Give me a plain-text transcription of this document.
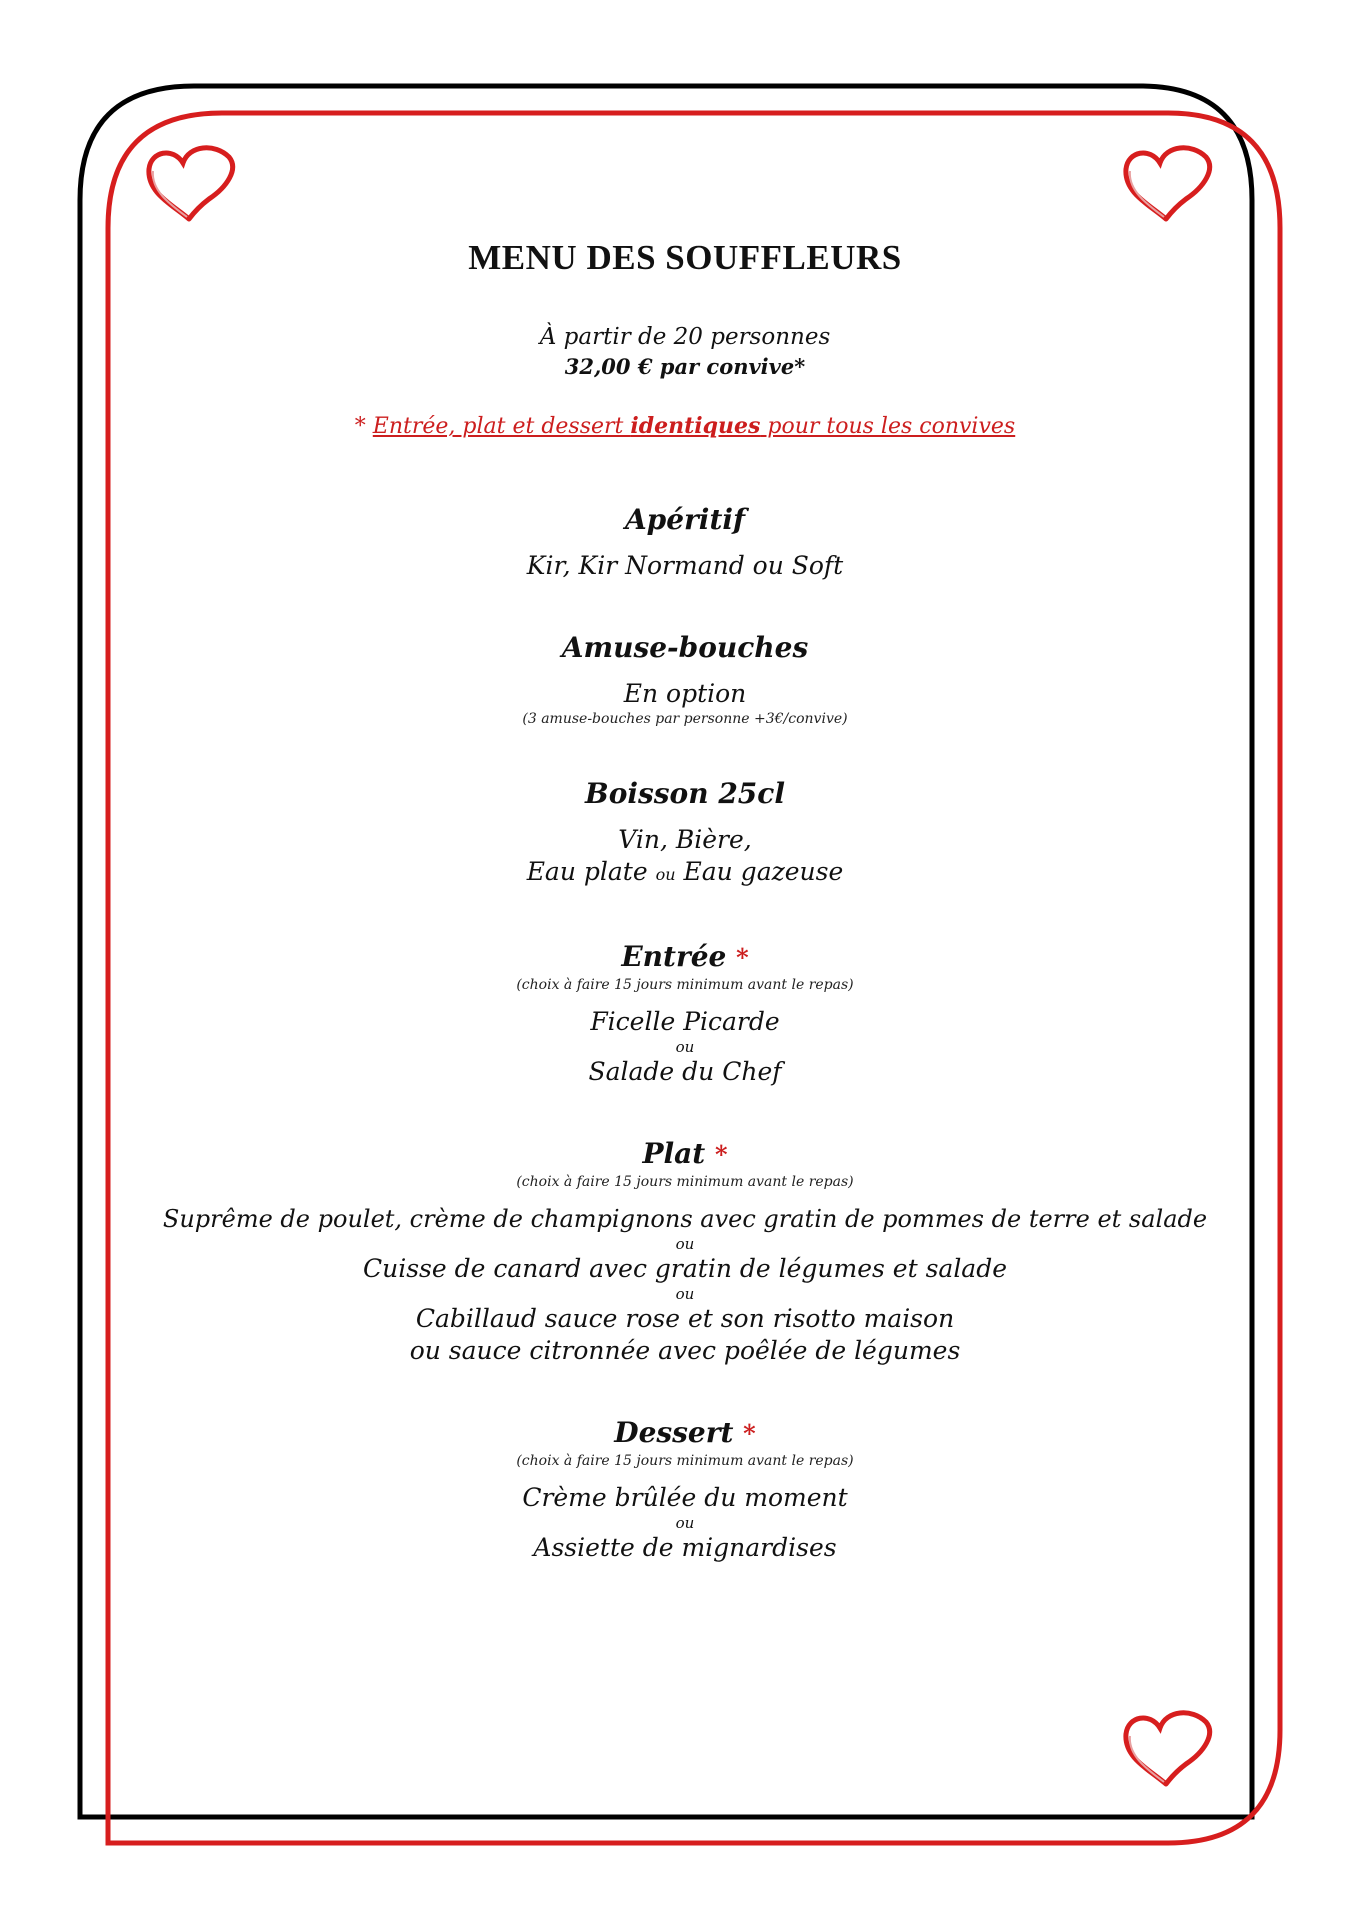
MENU DES SOUFFLEURS
À partir de 20 personnes
32,00 € par convive*
* Entrée, plat et dessert identiques pour tous les convives
Apéritif
Kir, Kir Normand ou Soft
Amuse-bouches
En option
(3 amuse-bouches par personne +3€/convive)
Boisson 25cl
Vin, Bière,
Eau plate ou Eau gazeuse
Entrée *
(choix à faire 15 jours minimum avant le repas)
Ficelle Picarde
ou
Salade du Chef
Plat *
(choix à faire 15 jours minimum avant le repas)
Suprême de poulet, crème de champignons avec gratin de pommes de terre et salade
ou
Cuisse de canard avec gratin de légumes et salade
ou
Cabillaud sauce rose et son risotto maison
ou sauce citronnée avec poêlée de légumes
Dessert *
(choix à faire 15 jours minimum avant le repas)
Crème brûlée du moment
ou
Assiette de mignardises
